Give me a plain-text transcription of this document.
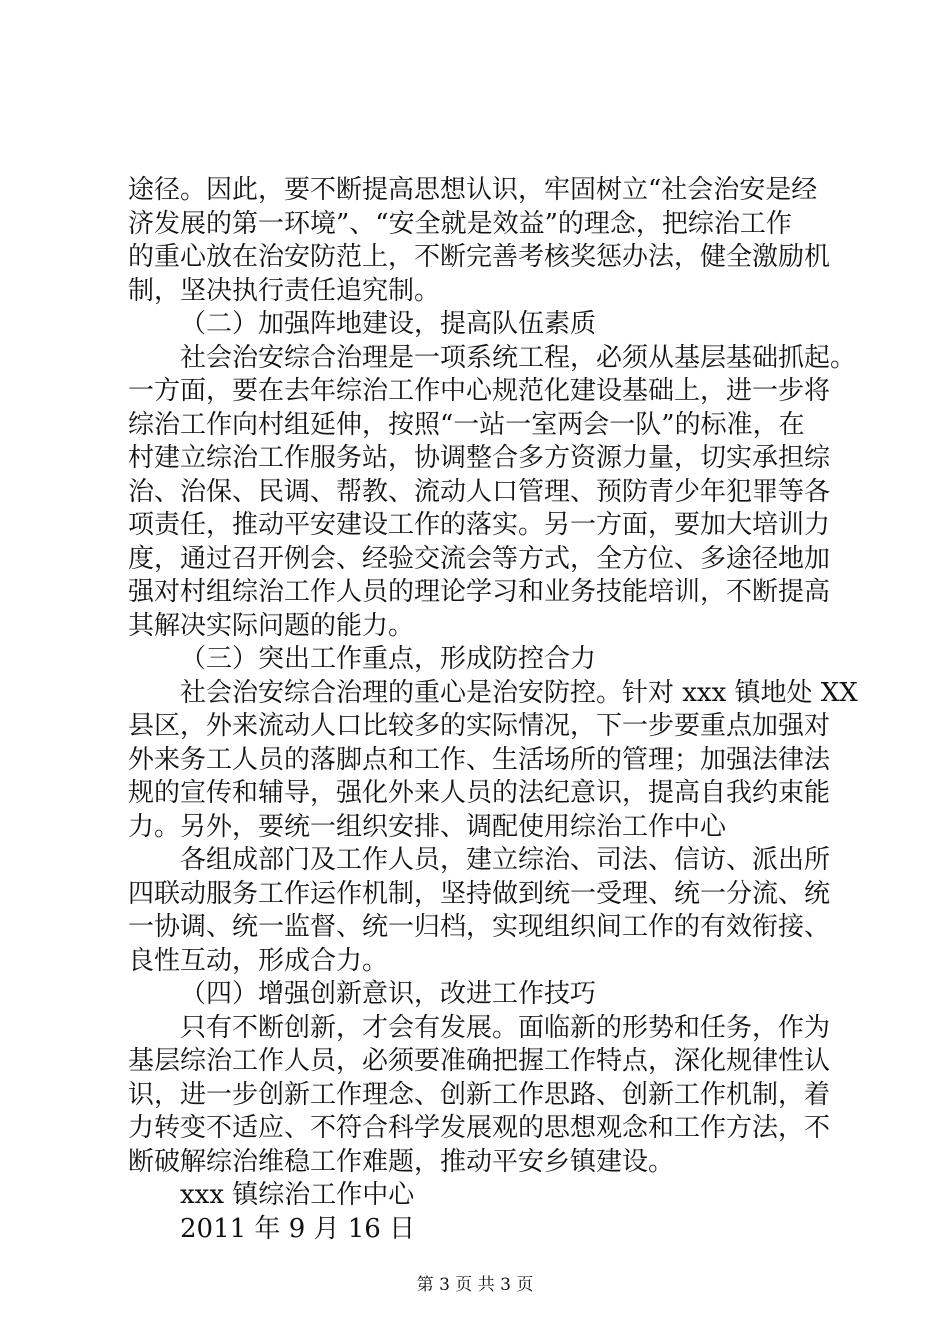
途径。因此，要不断提高思想认识，牢固树立“社会治安是经
济发展的第一环境”、“安全就是效益”的理念，把综治工作
的重心放在治安防范上，不断完善考核奖惩办法，健全激励机
制，坚决执行责任追究制。
（二）加强阵地建设，提高队伍素质
社会治安综合治理是一项系统工程，必须从基层基础抓起。
一方面，要在去年综治工作中心规范化建设基础上，进一步将
综治工作向村组延伸，按照“一站一室两会一队”的标准，在
村建立综治工作服务站，协调整合多方资源力量，切实承担综
治、治保、民调、帮教、流动人口管理、预防青少年犯罪等各
项责任，推动平安建设工作的落实。另一方面，要加大培训力
度，通过召开例会、经验交流会等方式，全方位、多途径地加
强对村组综治工作人员的理论学习和业务技能培训，不断提高
其解决实际问题的能力。
（三）突出工作重点，形成防控合力
社会治安综合治理的重心是治安防控。针对 xxx 镇地处 XX
县区，外来流动人口比较多的实际情况，下一步要重点加强对
外来务工人员的落脚点和工作、生活场所的管理；加强法律法
规的宣传和辅导，强化外来人员的法纪意识，提高自我约束能
力。另外，要统一组织安排、调配使用综治工作中心
各组成部门及工作人员，建立综治、司法、信访、派出所
四联动服务工作运作机制，坚持做到统一受理、统一分流、统
一协调、统一监督、统一归档，实现组织间工作的有效衔接、
良性互动，形成合力。
（四）增强创新意识，改进工作技巧
只有不断创新，才会有发展。面临新的形势和任务，作为
基层综治工作人员，必须要准确把握工作特点，深化规律性认
识，进一步创新工作理念、创新工作思路、创新工作机制，着
力转变不适应、不符合科学发展观的思想观念和工作方法，不
断破解综治维稳工作难题，推动平安乡镇建设。
xxx 镇综治工作中心
2011 年 9 月 16 日
第 3 页 共 3 页
